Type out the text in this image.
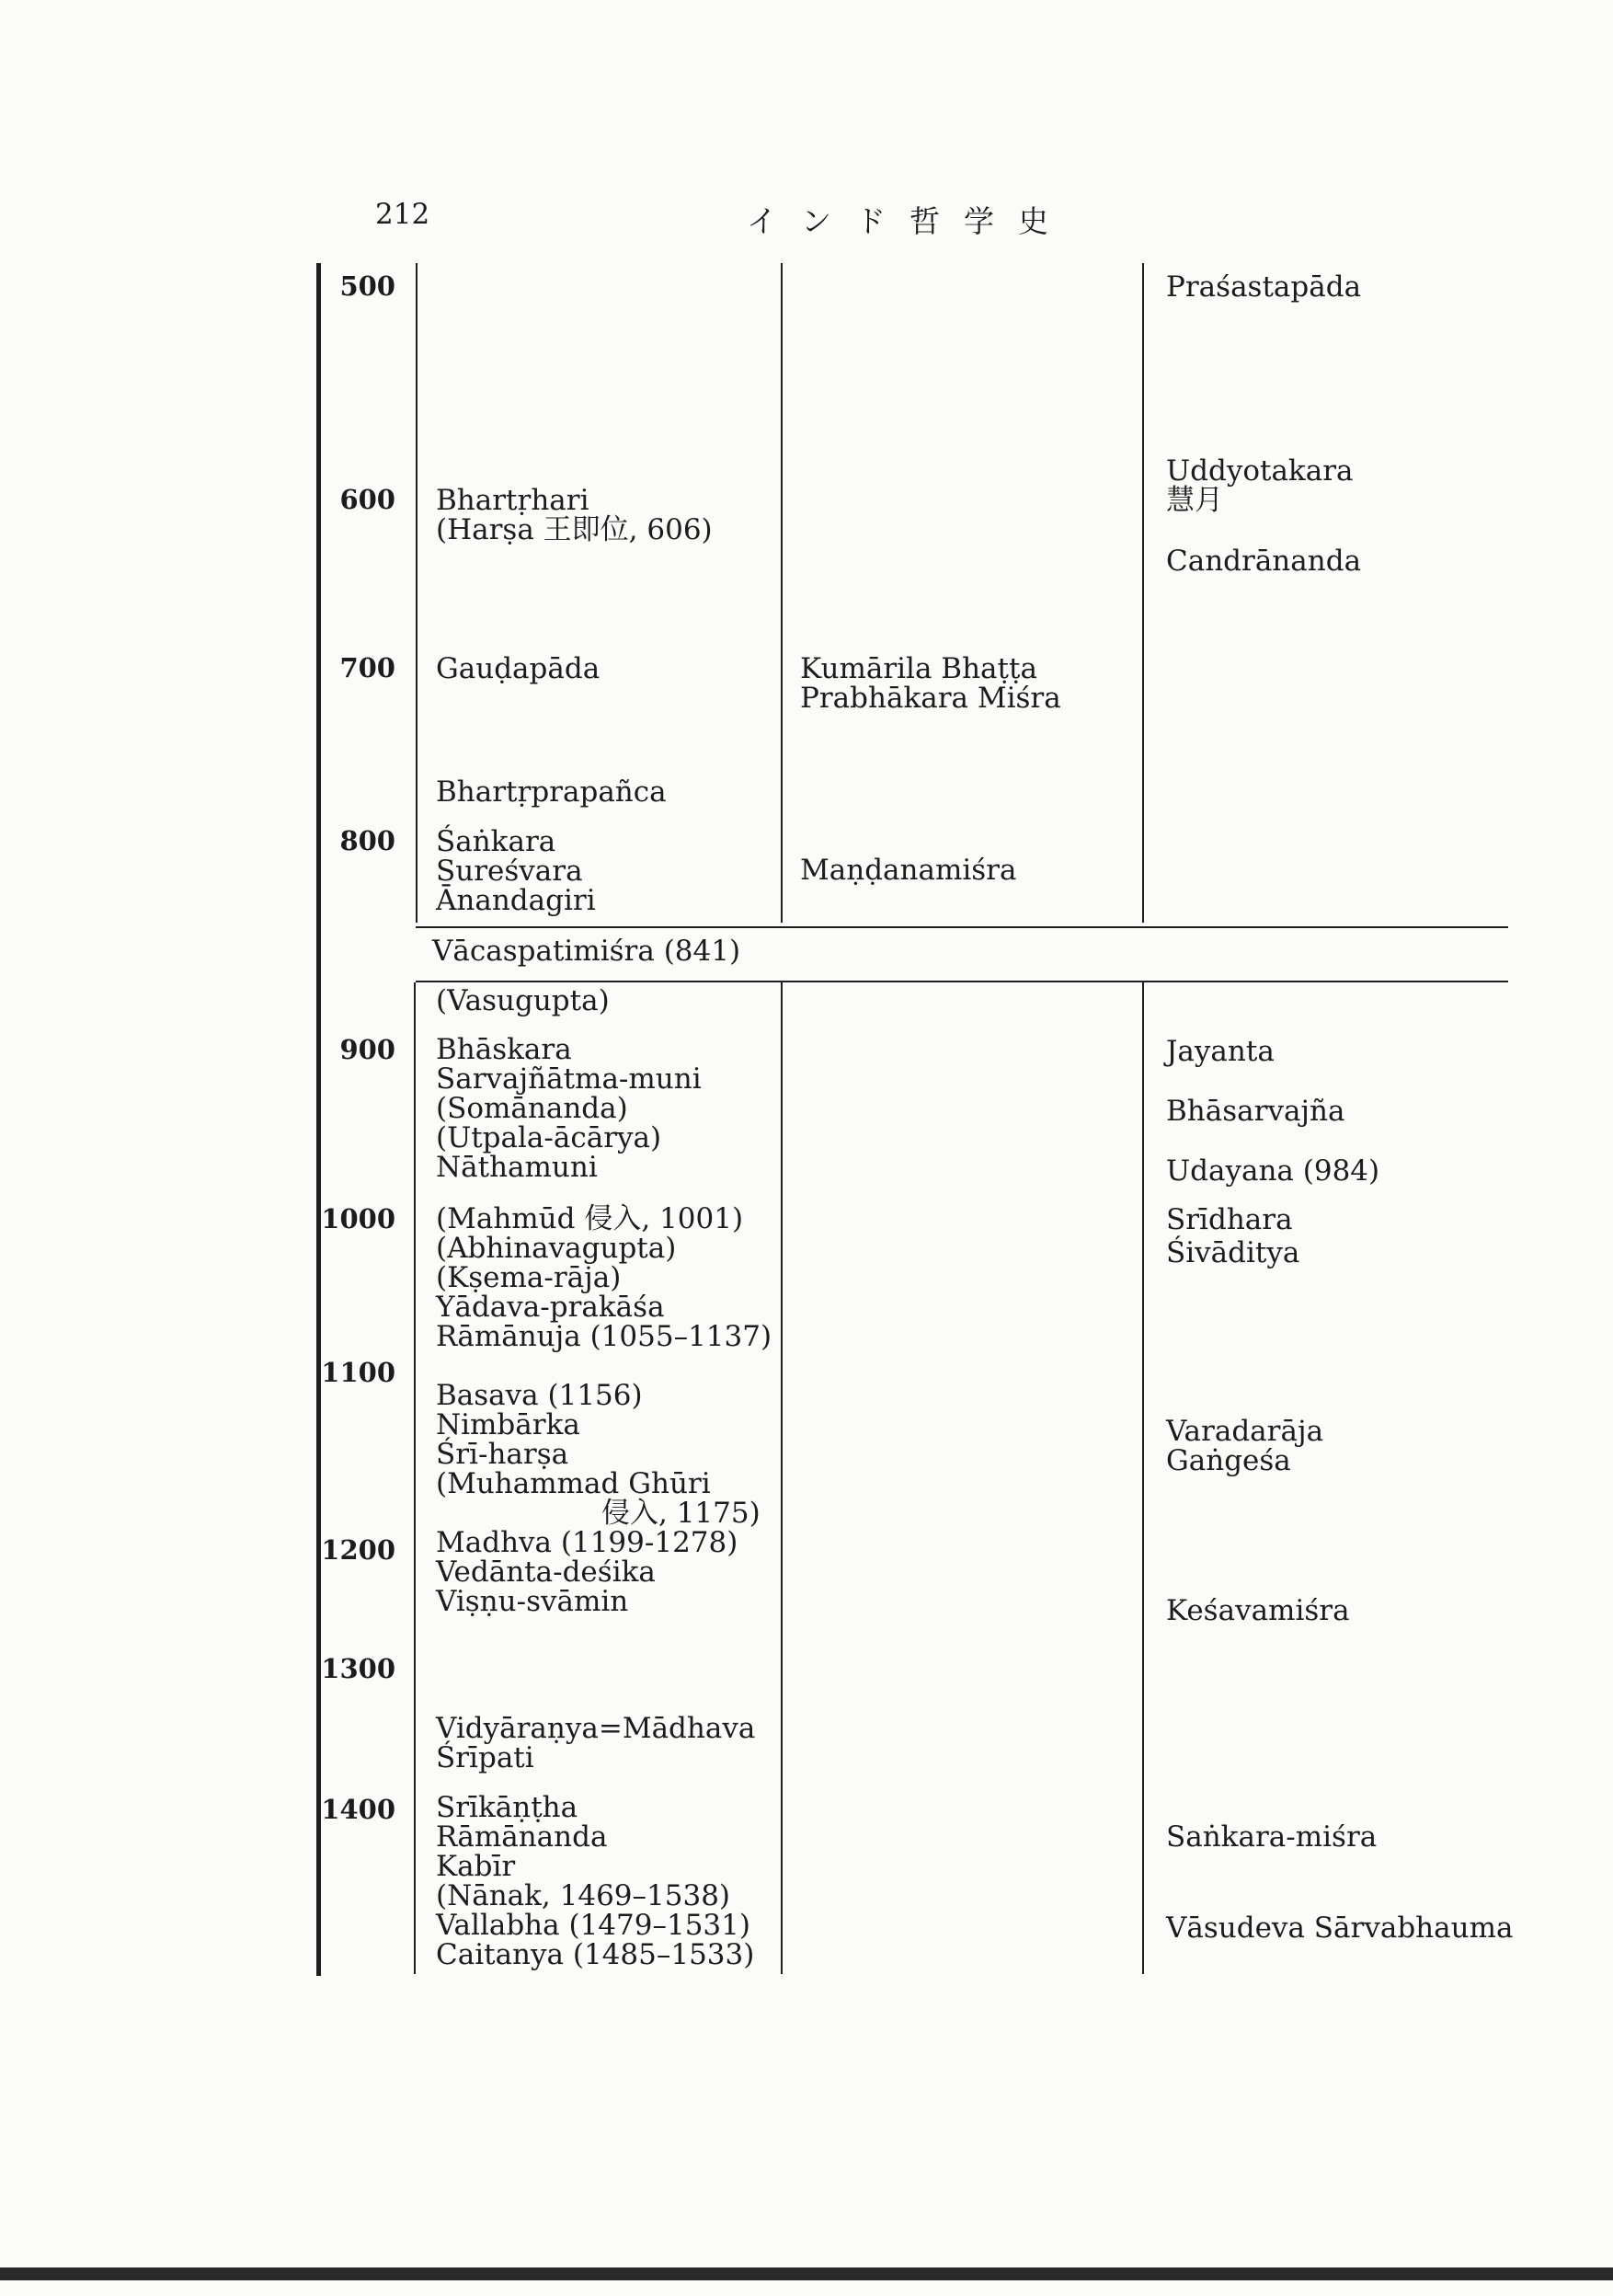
212	インド哲学史
500
600
700
800
900
1000
1100
1200
1300
1400
Bhartṛhari
(Harṣa 王即位, 606)
Gauḍapāda
Bhartṛprapañca
Śaṅkara
Sureśvara
Ānandagiri
Vācaspatimiśra (841)
(Vasugupta)
Bhāskara
Sarvajñātma-muni
(Somānanda)
(Utpala-ācārya)
Nāthamuni
(Mahmūd 侵入, 1001)
(Abhinavagupta)
(Kṣema-rāja)
Yādava-prakāśa
Rāmānuja (1055–1137)
Basava (1156)
Nimbārka
Śrī-harṣa
(Muhammad Ghūri
侵入, 1175)
Madhva (1199-1278)
Vedānta-deśika
Viṣṇu-svāmin
Vidyāraṇya=Mādhava
Śrīpati
Srīkāṇṭha
Rāmānanda
Kabīr
(Nānak, 1469–1538)
Vallabha (1479–1531)
Caitanya (1485–1533)
Kumārila Bhaṭṭa
Prabhākara Miśra
Maṇḍanamiśra
Praśastapāda
Uddyotakara
慧月
Candrānanda
Jayanta
Bhāsarvajña
Udayana (984)
Srīdhara
Śivāditya
Varadarāja
Gaṅgeśa
Keśavamiśra
Saṅkara-miśra
Vāsudeva Sārvabhauma
